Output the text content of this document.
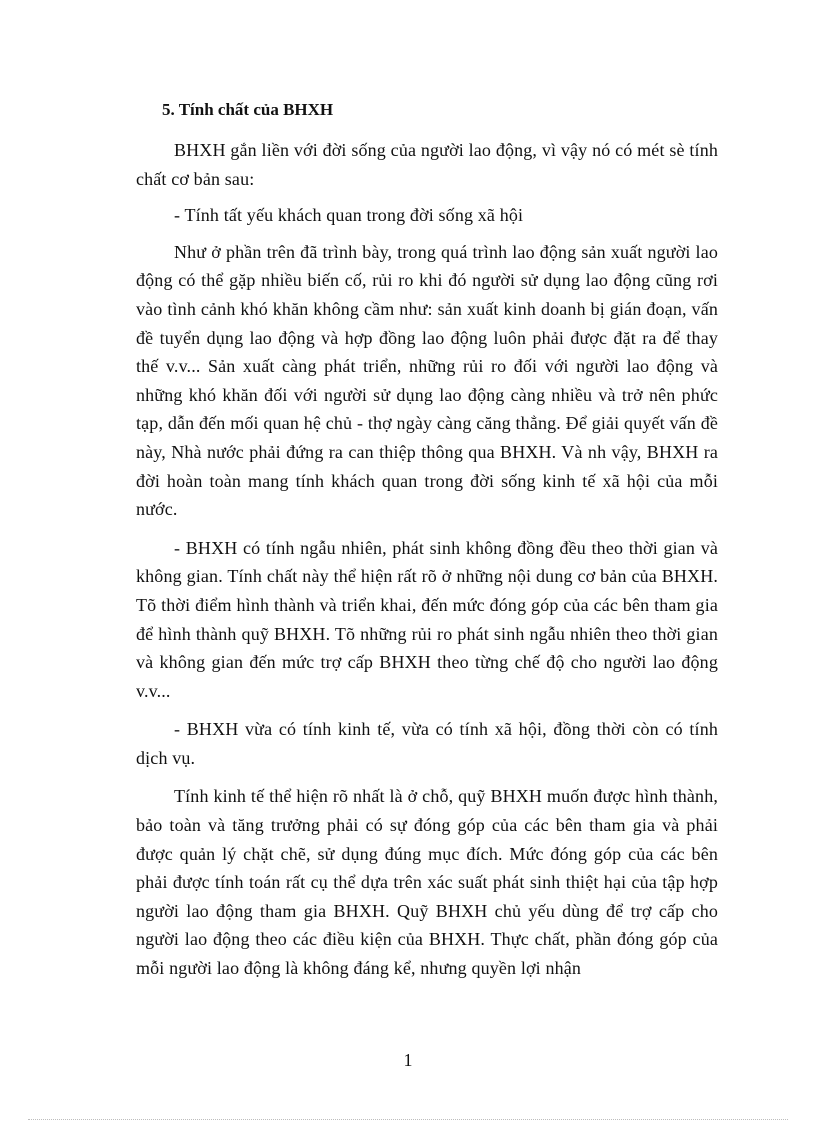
5. Tính chất của BHXH

BHXH gắn liền với đời sống của người lao động, vì vậy nó có mét sè tính chất cơ bản sau:

- Tính tất yếu khách quan trong đời sống xã hội

Như ở phần trên đã trình bày, trong quá trình lao động sản xuất người lao động có thể gặp nhiều biến cố, rủi ro khi đó người sử dụng lao động cũng rơi vào tình cảnh khó khăn không cầm như: sản xuất kinh doanh bị gián đoạn, vấn đề tuyển dụng lao động và hợp đồng lao động luôn phải được đặt ra để thay thế v.v... Sản xuất càng phát triển, những rủi ro đối với người lao động và những khó khăn đối với người sử dụng lao động càng nhiều và trở nên phức tạp, dẫn đến mối quan hệ chủ - thợ ngày càng căng thẳng. Để giải quyết vấn đề này, Nhà nước phải đứng ra can thiệp thông qua BHXH. Và nh vậy, BHXH ra đời hoàn toàn mang tính khách quan trong đời sống kinh tế xã hội của mỗi nước.

- BHXH có tính ngẫu nhiên, phát sinh không đồng đều theo thời gian và không gian. Tính chất này thể hiện rất rõ ở những nội dung cơ bản của BHXH. Tõ thời điểm hình thành và triển khai, đến mức đóng góp của các bên tham gia để hình thành quỹ BHXH. Tõ những rủi ro phát sinh ngẫu nhiên theo thời gian và không gian đến mức trợ cấp BHXH theo từng chế độ cho người lao động v.v...

- BHXH vừa có tính kinh tế, vừa có tính xã hội, đồng thời còn có tính dịch vụ.

Tính kinh tế thể hiện rõ nhất là ở chỗ, quỹ BHXH muốn được hình thành, bảo toàn và tăng trưởng phải có sự đóng góp của các bên tham gia và phải được quản lý chặt chẽ, sử dụng đúng mục đích. Mức đóng góp của các bên phải được tính toán rất cụ thể dựa trên xác suất phát sinh thiệt hại của tập hợp người lao động tham gia BHXH. Quỹ BHXH chủ yếu dùng để trợ cấp cho người lao động theo các điều kiện của BHXH. Thực chất, phần đóng góp của mỗi người lao động là không đáng kể, nhưng quyền lợi nhận

1
